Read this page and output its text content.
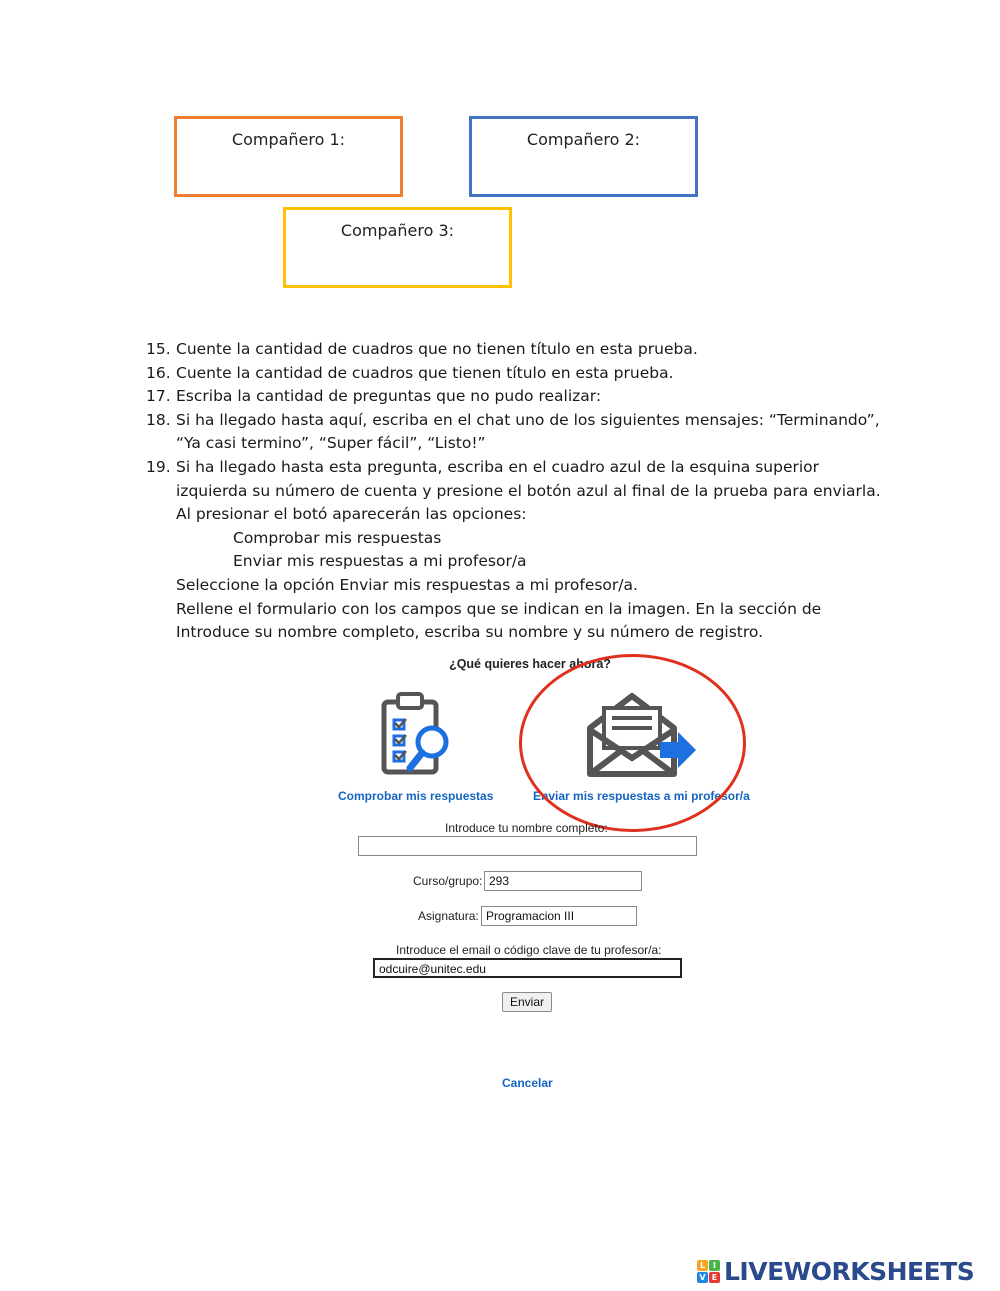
Compañero 1:	Compañero 2:
Compañero 3:
15. Cuente la cantidad de cuadros que no tienen título en esta prueba.
16. Cuente la cantidad de cuadros que tienen título en esta prueba.
17. Escriba la cantidad de preguntas que no pudo realizar:
18. Si ha llegado hasta aquí, escriba en el chat uno de los siguientes mensajes: “Terminando”, “Ya casi termino”, “Super fácil”, “Listo!”
19. Si ha llegado hasta esta pregunta, escriba en el cuadro azul de la esquina superior izquierda su número de cuenta y presione el botón azul al final de la prueba para enviarla.
Al presionar el botó aparecerán las opciones:
Comprobar mis respuestas
Enviar mis respuestas a mi profesor/a
Seleccione la opción Enviar mis respuestas a mi profesor/a.
Rellene el formulario con los campos que se indican en la imagen. En la sección de Introduce su nombre completo, escriba su nombre y su número de registro.
¿Qué quieres hacer ahora?
Comprobar mis respuestas	Enviar mis respuestas a mi profesor/a
Introduce tu nombre completo:
Curso/grupo: 293
Asignatura: Programacion III
Introduce el email o código clave de tu profesor/a:
odcuire@unitec.edu
Enviar
Cancelar
L I
V E LIVEWORKSHEETS
